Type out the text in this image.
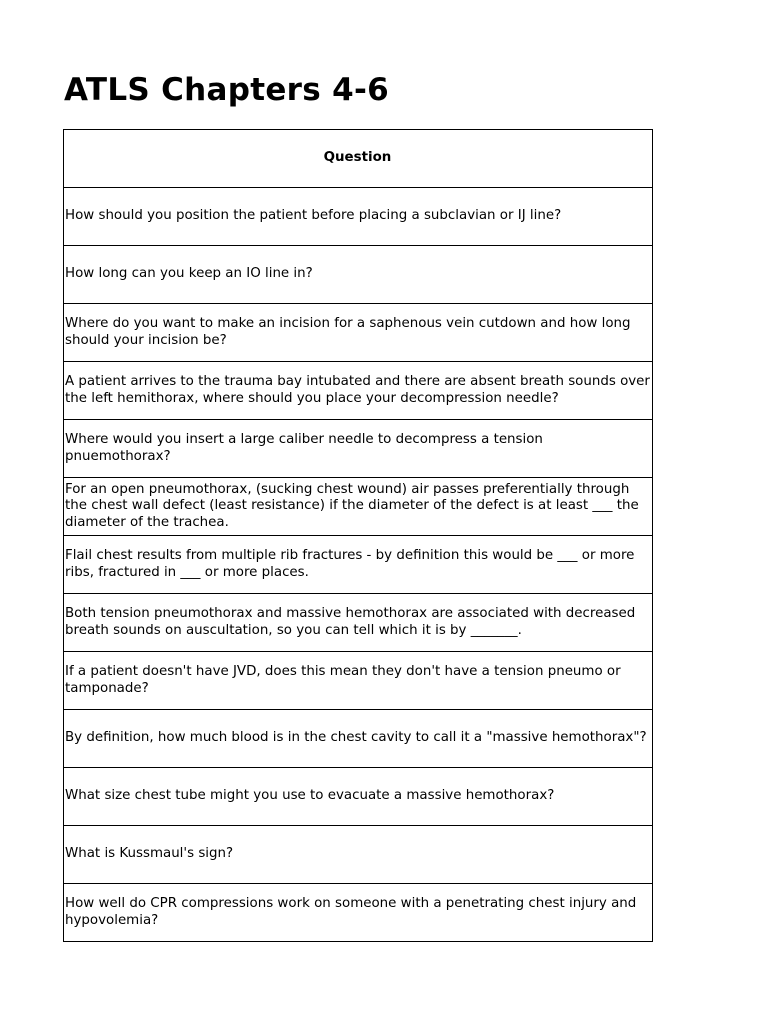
ATLS Chapters 4-6
Question
How should you position the patient before placing a subclavian or IJ line?
How long can you keep an IO line in?
Where do you want to make an incision for a saphenous vein cutdown and how long should your incision be?
A patient arrives to the trauma bay intubated and there are absent breath sounds over the left hemithorax, where should you place your decompression needle?
Where would you insert a large caliber needle to decompress a tension pnuemothorax?
For an open pneumothorax, (sucking chest wound) air passes preferentially through the chest wall defect (least resistance) if the diameter of the defect is at least ___ the diameter of the trachea.
Flail chest results from multiple rib fractures - by definition this would be ___ or more ribs, fractured in ___ or more places.
Both tension pneumothorax and massive hemothorax are associated with decreased breath sounds on auscultation, so you can tell which it is by _______.
If a patient doesn't have JVD, does this mean they don't have a tension pneumo or tamponade?
By definition, how much blood is in the chest cavity to call it a "massive hemothorax"?
What size chest tube might you use to evacuate a massive hemothorax?
What is Kussmaul's sign?
How well do CPR compressions work on someone with a penetrating chest injury and hypovolemia?
